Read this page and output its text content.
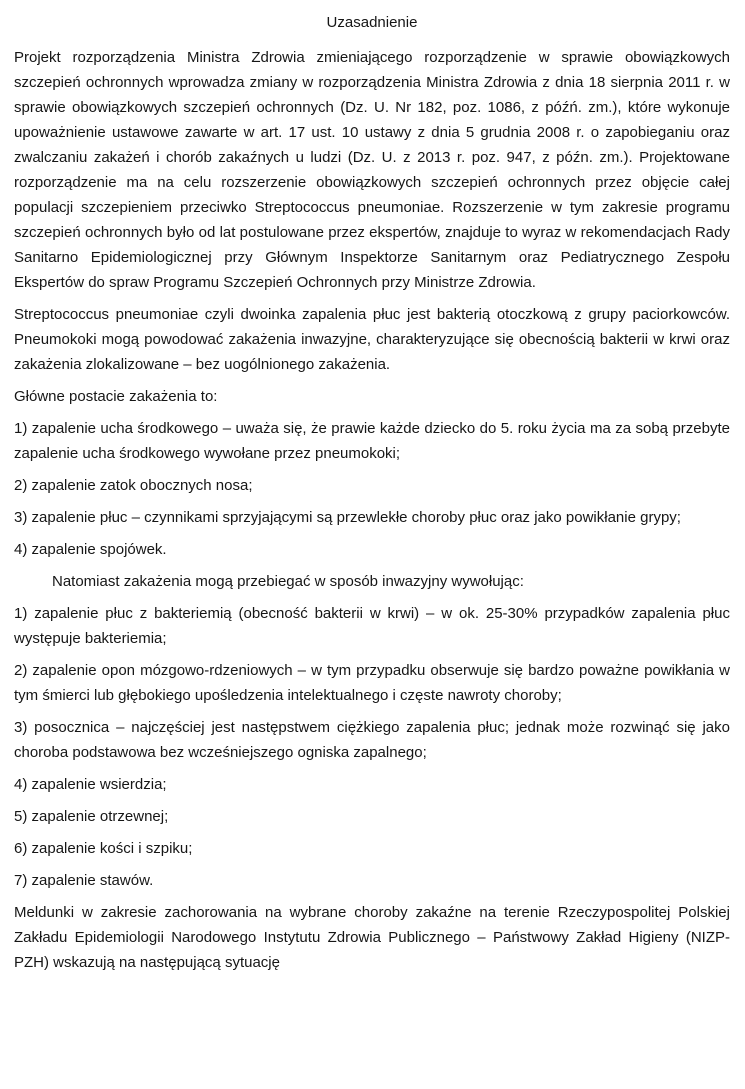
Uzasadnienie

Projekt rozporządzenia Ministra Zdrowia zmieniającego rozporządzenie w sprawie obowiązkowych szczepień ochronnych wprowadza zmiany w rozporządzenia Ministra Zdrowia z dnia 18 sierpnia 2011 r. w sprawie obowiązkowych szczepień ochronnych (Dz. U. Nr 182, poz. 1086, z późń. zm.), które wykonuje upoważnienie ustawowe zawarte w art. 17 ust. 10 ustawy z dnia 5 grudnia 2008 r. o zapobieganiu oraz zwalczaniu zakażeń i chorób zakaźnych u ludzi (Dz. U. z 2013 r. poz. 947, z późn. zm.). Projektowane rozporządzenie ma na celu rozszerzenie obowiązkowych szczepień ochronnych przez objęcie całej populacji szczepieniem przeciwko Streptococcus pneumoniae. Rozszerzenie w tym zakresie programu szczepień ochronnych było od lat postulowane przez ekspertów, znajduje to wyraz w rekomendacjach Rady Sanitarno Epidemiologicznej przy Głównym Inspektorze Sanitarnym oraz Pediatrycznego Zespołu Ekspertów do spraw Programu Szczepień Ochronnych przy Ministrze Zdrowia.

Streptococcus pneumoniae czyli dwoinka zapalenia płuc jest bakterią otoczkową z grupy paciorkowców. Pneumokoki mogą powodować zakażenia inwazyjne, charakteryzujące się obecnością bakterii w krwi oraz zakażenia zlokalizowane – bez uogólnionego zakażenia.

Główne postacie zakażenia to:

1) zapalenie ucha środkowego – uważa się, że prawie każde dziecko do 5. roku życia ma za sobą przebyte zapalenie ucha środkowego wywołane przez pneumokoki;

2) zapalenie zatok obocznych nosa;

3) zapalenie płuc – czynnikami sprzyjającymi są przewlekłe choroby płuc oraz jako powikłanie grypy;

4) zapalenie spojówek.

Natomiast zakażenia mogą przebiegać w sposób inwazyjny wywołując:

1) zapalenie płuc z bakteriemią (obecność bakterii w krwi) – w ok. 25-30% przypadków zapalenia płuc występuje bakteriemia;

2) zapalenie opon mózgowo-rdzeniowych – w tym przypadku obserwuje się bardzo poważne powikłania w tym śmierci lub głębokiego upośledzenia intelektualnego i częste nawroty choroby;

3) posocznica – najczęściej jest następstwem ciężkiego zapalenia płuc; jednak może rozwinąć się jako choroba podstawowa bez wcześniejszego ogniska zapalnego;

4) zapalenie wsierdzia;

5) zapalenie otrzewnej;

6) zapalenie kości i szpiku;

7) zapalenie stawów.

Meldunki w zakresie zachorowania na wybrane choroby zakaźne na terenie Rzeczypospolitej Polskiej Zakładu Epidemiologii Narodowego Instytutu Zdrowia Publicznego – Państwowy Zakład Higieny (NIZP-PZH) wskazują na następującą sytuację
